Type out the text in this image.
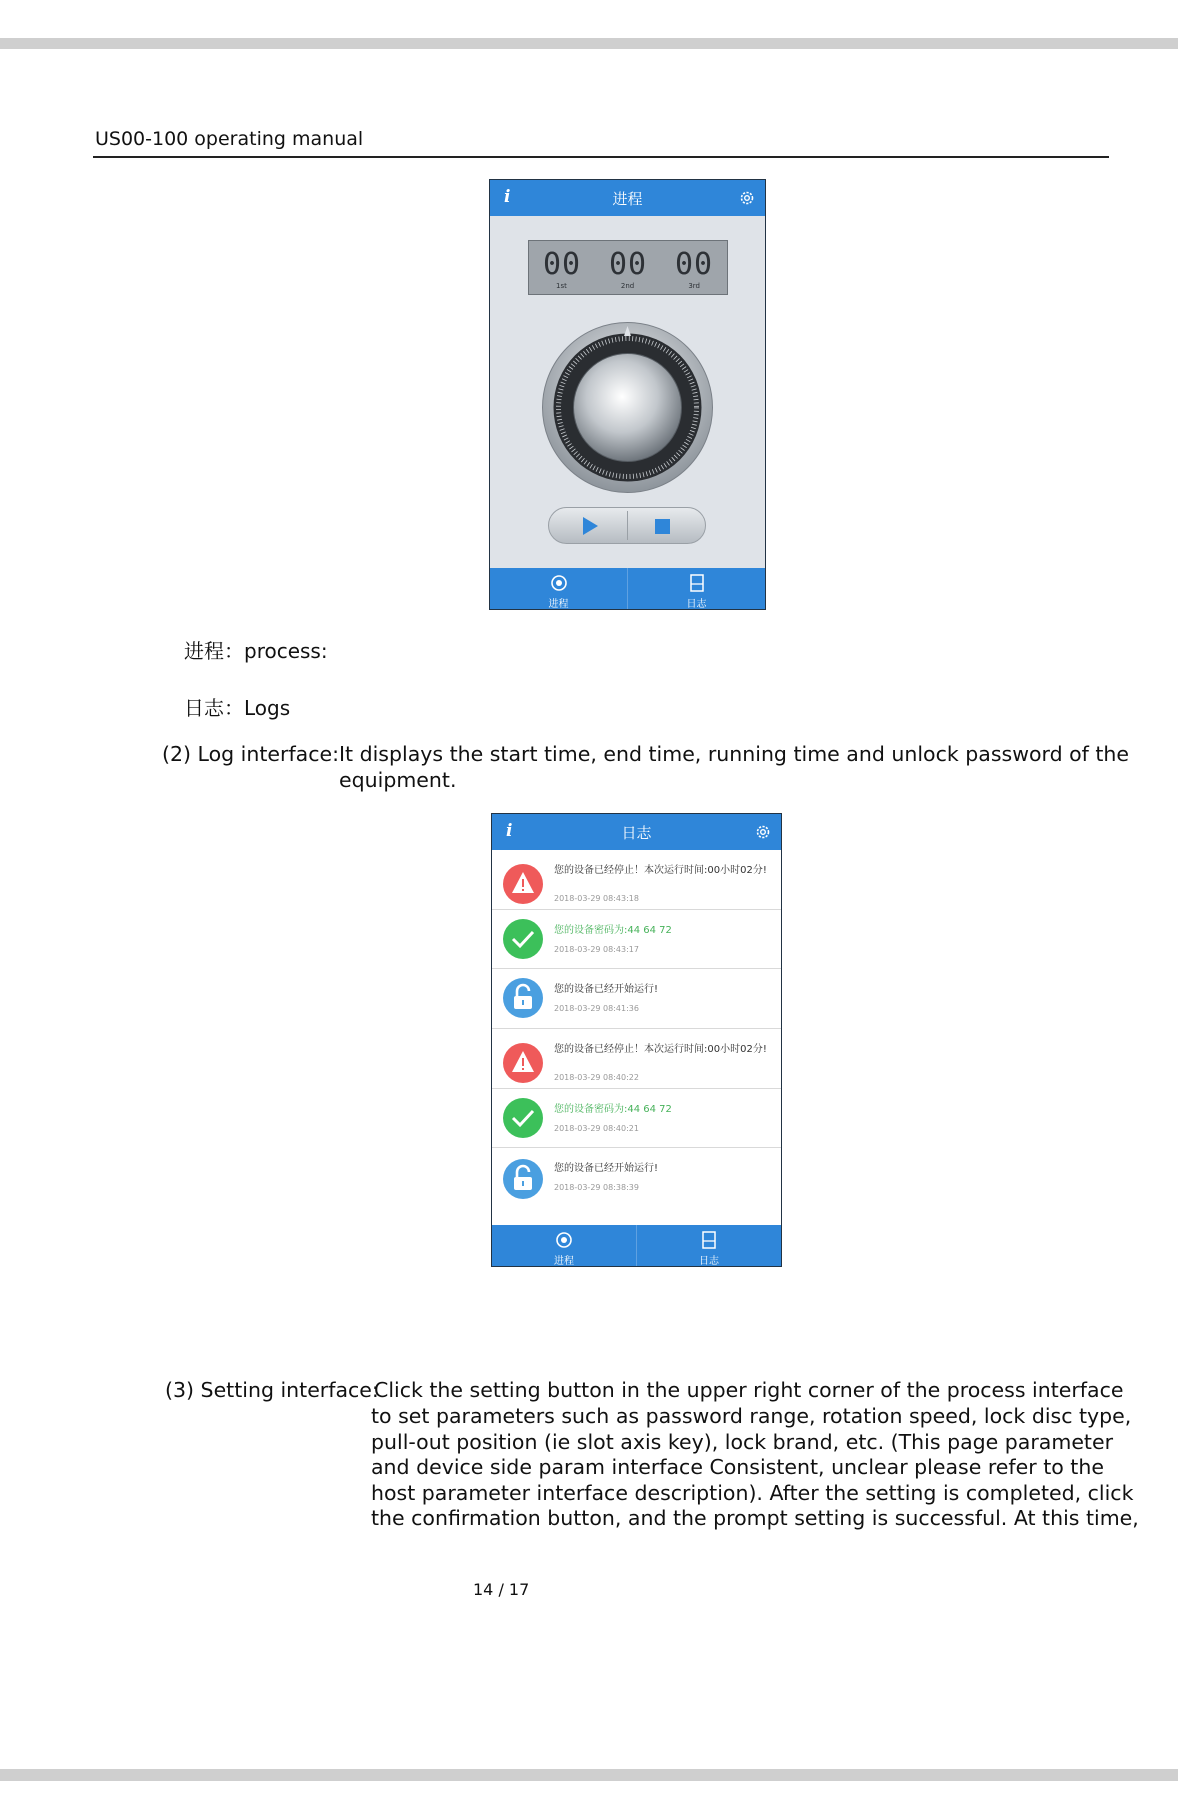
US00-100 operating manual
i	进程
00 00 00
1st	2nd	3rd
进程	日志
进程：process:
日志：Logs
(2) Log interface: It displays the start time, end time, running time and unlock password of the
equipment.
i	日志
您的设备已经停止！本次运行时间:00小时02分!
2018-03-29 08:43:18
您的设备密码为:44 64 72
2018-03-29 08:43:17
您的设备已经开始运行!
2018-03-29 08:41:36
您的设备已经停止！本次运行时间:00小时02分!
2018-03-29 08:40:22
您的设备密码为:44 64 72
2018-03-29 08:40:21
您的设备已经开始运行!
2018-03-29 08:38:39
进程	日志
(3) Setting interface:
Click the setting button in the upper right corner of the process interface
to set parameters such as password range, rotation speed, lock disc type,
pull-out position (ie slot axis key), lock brand, etc. (This page parameter
and device side param interface Consistent, unclear please refer to the
host parameter interface description). After the setting is completed, click
the confirmation button, and the prompt setting is successful. At this time,
14 / 17
